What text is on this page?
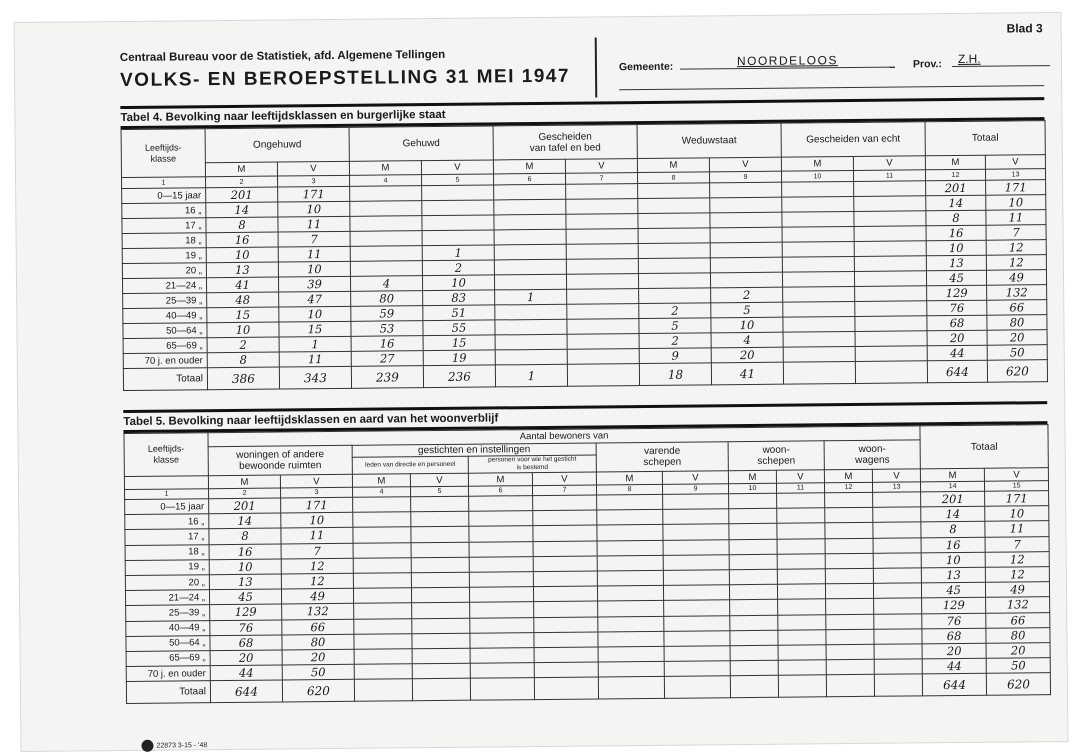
Blad 3
Centraal Bureau voor de Statistiek, afd. Algemene Tellingen
VOLKS- EN BEROEPSTELLING 31 MEI 1947	Gemeente:	NOORDELOOS	Prov.:	Z.H.
Tabel 4. Bevolking naar leeftijdsklassen en burgerlijke staat
Leeftijds-
klasse	Ongehuwd		Gehuwd		Gescheiden
van tafel en bed		Weduwstaat		Gescheiden van echt		Totaal	
	M	V	M	V	M	V	M	V	M	V	M	V
1	2	3	4	5	6	7	8	9	10	11	12	13
0—15 jaar	201	171									201	171
16 „	14	10									14	10
17 „	8	11									8	11
18 „	16	7									16	7
19 „	10	11		1							10	12
20 „	13	10		2							13	12
21—24 „	41	39	4	10							45	49
25—39 „	48	47	80	83	1			2			129	132
40—49 „	15	10	59	51			2	5			76	66
50—64 „	10	15	53	55			5	10			68	80
65—69 „	2	1	16	15			2	4			20	20
70 j. en ouder	8	11	27	19			9	20			44	50
Totaal	386	343	239	236	1		18	41			644	620
Tabel 5. Bevolking naar leeftijdsklassen en aard van het woonverblijf
Leeftijds-
klasse	Aantal bewoners van												Totaal	
	woningen of andere
bewoonde ruimten		gestichten en instellingen				varende
schepen		woon-
schepen		woon-
wagens			
			leden van directie en personeel		personen voor wie het gesticht
is bestemd									

	M	V	M	V	M	V	M	V	M	V	M	V	M	V
1	2	3	4	5	6	7	8	9	10	11	12	13	14	15
0—15 jaar	201	171											201	171
16 „	14	10											14	10
17 „	8	11											8	11
18 „	16	7											16	7
19 „	10	12											10	12
20 „	13	12											13	12
21—24 „	45	49											45	49
25—39 „	129	132											129	132
40—49 „	76	66											76	66
50—64 „	68	80											68	80
65—69 „	20	20											20	20
70 j. en ouder	44	50											44	50
Totaal	644	620											644	620
22873 3-15 - '48
